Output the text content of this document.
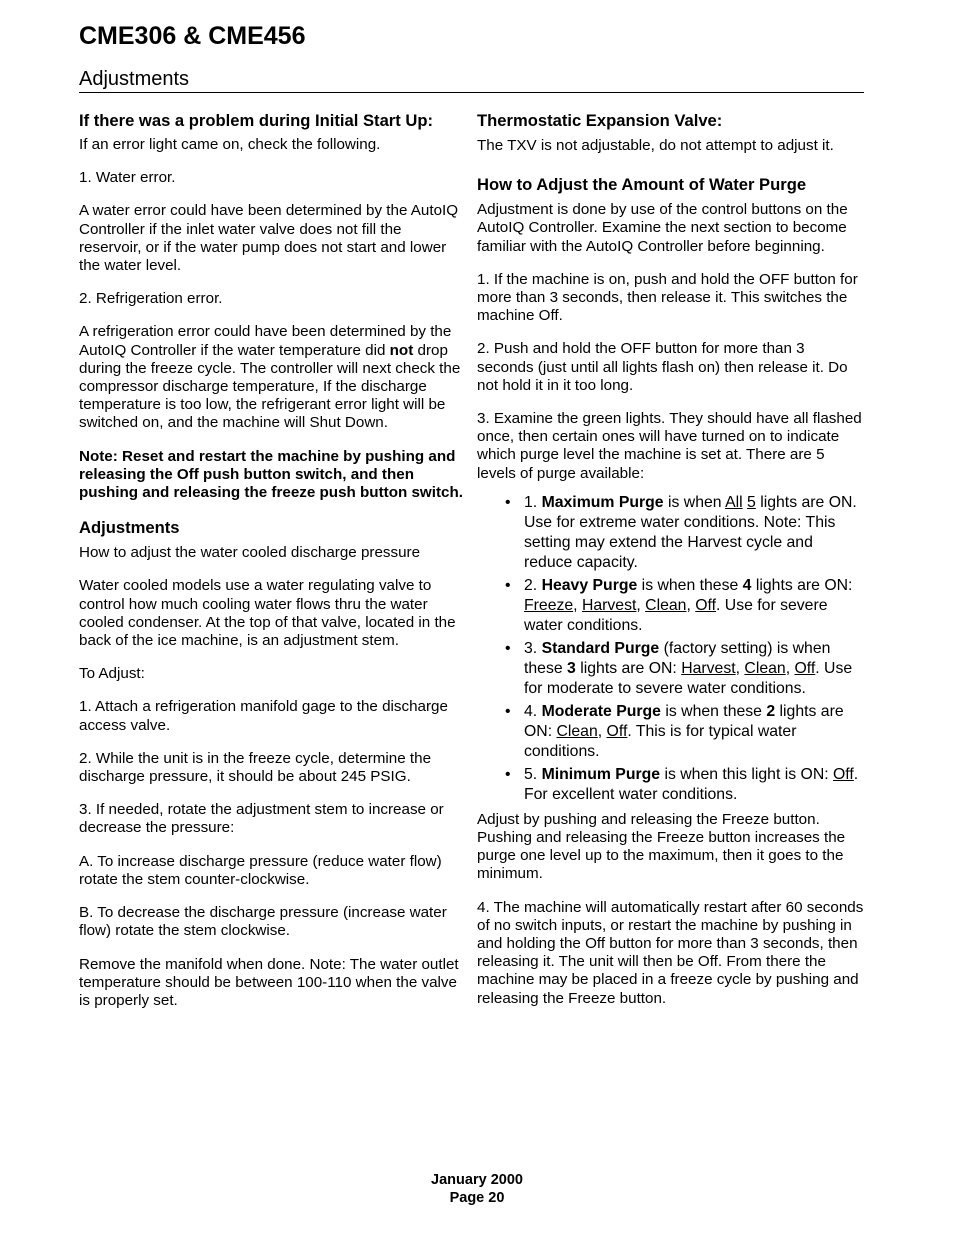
CME306 & CME456
Adjustments
If there was a problem during Initial Start Up:

If an error light came on, check the following.

1. Water error.

A water error could have been determined by the AutoIQ Controller if the inlet water valve does not fill the reservoir, or if the water pump does not start and lower the water level.

2. Refrigeration error.

A refrigeration error could have been determined by the AutoIQ Controller if the water temperature did not drop during the freeze cycle. The controller will next check the compressor discharge temperature, If the discharge temperature is too low, the refrigerant error light will be switched on, and the machine will Shut Down.

Note: Reset and restart the machine by pushing and releasing the Off push button switch, and then pushing and releasing the freeze push button switch.

Adjustments

How to adjust the water cooled discharge pressure

Water cooled models use a water regulating valve to control how much cooling water flows thru the water cooled condenser. At the top of that valve, located in the back of the ice machine, is an adjustment stem.

To Adjust:

1. Attach a refrigeration manifold gage to the discharge access valve.

2. While the unit is in the freeze cycle, determine the discharge pressure, it should be about 245 PSIG.

3. If needed, rotate the adjustment stem to increase or decrease the pressure:

A. To increase discharge pressure (reduce water flow) rotate the stem counter-clockwise.

B. To decrease the discharge pressure (increase water flow) rotate the stem clockwise.

Remove the manifold when done. Note: The water outlet temperature should be between 100-110 when the valve is properly set.

Thermostatic Expansion Valve:

The TXV is not adjustable, do not attempt to adjust it.

How to Adjust the Amount of Water Purge

Adjustment is done by use of the control buttons on the AutoIQ Controller. Examine the next section to become familiar with the AutoIQ Controller before beginning.

1. If the machine is on, push and hold the OFF button for more than 3 seconds, then release it. This switches the machine Off.

2. Push and hold the OFF button for more than 3 seconds (just until all lights flash on) then release it. Do not hold it in it too long.

3. Examine the green lights. They should have all flashed once, then certain ones will have turned on to indicate which purge level the machine is set at. There are 5 levels of purge available:

• 1. Maximum Purge is when All 5 lights are ON. Use for extreme water conditions. Note: This setting may extend the Harvest cycle and reduce capacity.
• 2. Heavy Purge is when these 4 lights are ON: Freeze, Harvest, Clean, Off. Use for severe water conditions.
• 3. Standard Purge (factory setting) is when these 3 lights are ON: Harvest, Clean, Off. Use for moderate to severe water conditions.
• 4. Moderate Purge is when these 2 lights are ON: Clean, Off. This is for typical water conditions.
• 5. Minimum Purge is when this light is ON: Off. For excellent water conditions.

Adjust by pushing and releasing the Freeze button. Pushing and releasing the Freeze button increases the purge one level up to the maximum, then it goes to the minimum.

4. The machine will automatically restart after 60 seconds of no switch inputs, or restart the machine by pushing in and holding the Off button for more than 3 seconds, then releasing it. The unit will then be Off. From there the machine may be placed in a freeze cycle by pushing and releasing the Freeze button.

January 2000
Page 20
